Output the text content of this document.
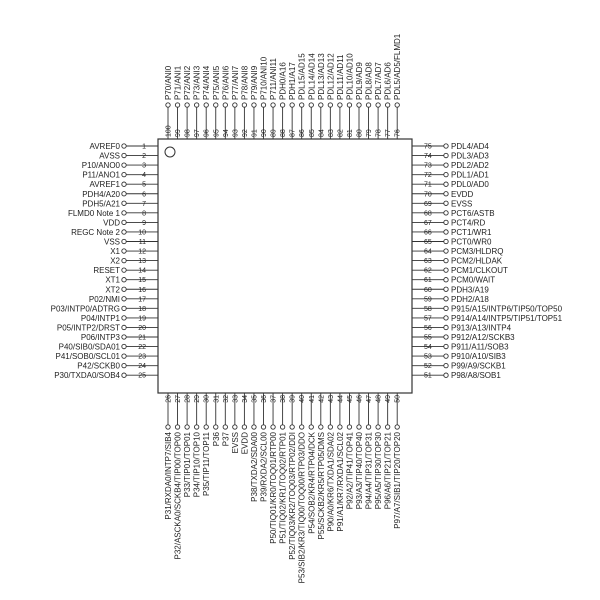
1
AVREF0
2
AVSS
3
P10/ANO0
4
P11/ANO1
5
AVREF1
6
PDH4/A20
7
PDH5/A21
8
FLMD0 Note 1
9
VDD
10
REGC Note 2
11
VSS
12
X1
13
X2
14
RESET
15
XT1
16
XT2
17
P02/NMI
18
P03/INTP0/ADTRG
19
P04/INTP1
20
P05/INTP2/DRST
21
P06/INTP3
22
P40/SIB0/SDA01
23
P41/SOB0/SCL01
24
P42/SCKB0
25
P30/TXDA0/SOB4
26
P31/RXDA0/INTP7/SIB4
27
P32/ASCKA0/SCKB4/TIP00/TOP00
28
P33/TIP01/TOP01
29
P34/TIP10/TOP10
30
P35/TIP11/TOP11
31
P36
32
P37
33
EVSS
34
EVDD
35
P38/TXDA2/SDA00
36
P39/RXDA2/SCL00
37
P50/TIQ01/KR0/TOQ01/RTP00
38
P51/TIQ02/KR1/TOQ02/RTP01
39
P52/TIQ03/KR2/TOQ03/RTP02/DDI
40
P53/SIB2/KR3/TIQ00/TOQ00/RTP03/DDO
41
P54/SOB2/KR4/RTP04/DCK
42
P55/SCKB2/KR5/RTP05/DMS
43
P90/A0/KR6/TXDA1/SDA02
44
P91/A1/KR7/RXDA1/SCL02
45
P92/A2/TIP41/TOP41
46
P93/A3/TIP40/TOP40
47
P94/A4/TIP31/TOP31
48
P95/A5/TIP30/TOP30
49
P96/A6/TIP21/TOP21
50
P97/A7/SIB1/TIP20/TOP20
75 PDL4/AD4
74 PDL3/AD3
73 PDL2/AD2
72 PDL1/AD1
71 PDL0/AD0
70 EVDD
69 EVSS
68 PCT6/ASTB
67 PCT4/RD
66 PCT1/WR1
65 PCT0/WR0
64 PCM3/HLDRQ
63 PCM2/HLDAK
62 PCM1/CLKOUT
61 PCM0/WAIT
60 PDH3/A19
59 PDH2/A18
58 P915/A15/INTP6/TIP50/TOP50
57 P914/A14/INTP5/TIP51/TOP51
56 P913/A13/INTP4
55 P912/A12/SCKB3
54 P911/A11/SOB3
53 P910/A10/SIB3
52 P99/A9/SCKB1
51 P98/A8/SOB1
100
P70/ANI0
99
P71/ANI1
98
P72/ANI2
97
P73/ANI3
96
P74/ANI4
95
P75/ANI5
94
P76/ANI6
93
P77/ANI7
92
P78/ANI8
91
P79/ANI9
90
P710/ANI10
89
P711/ANI11
88
PDH0/A16
87
PDH1/A17
86
PDL15/AD15
85
PDL14/AD14
84
PDL13/AD13
83
PDL12/AD12
82
PDL11/AD11
81
PDL10/AD10
80
PDL9/AD9
79
PDL8/AD8
78
PDL7/AD7
77
PDL6/AD6
76
PDL5/AD5/FLMD1
